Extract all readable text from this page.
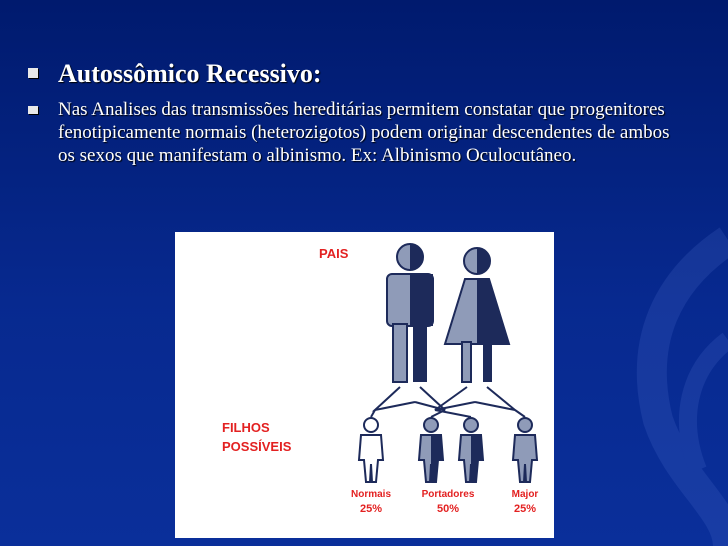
Autossômico Recessivo:
Nas Analises das transmissões hereditárias permitem constatar que progenitores fenotipicamente normais (heterozigotos) podem originar descendentes de ambos os sexos que manifestam o albinismo. Ex: Albinismo Oculocutâneo.
PAIS
FILHOS
POSSÍVEIS
Normais
25%
Portadores
50%
Major
25%
